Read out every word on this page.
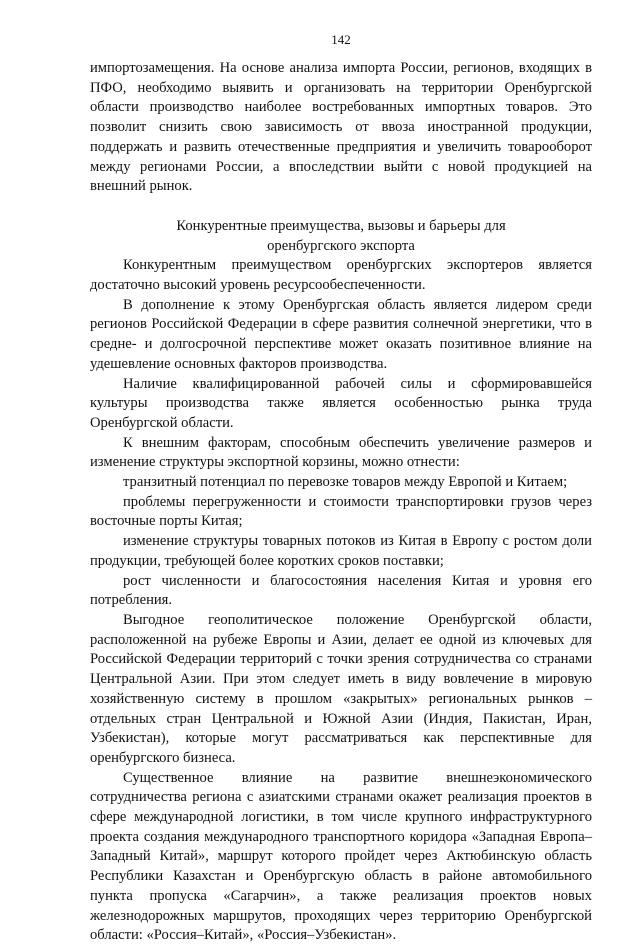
142

импортозамещения. На основе анализа импорта России, регионов, входящих в ПФО, необходимо выявить и организовать на территории Оренбургской области производство наиболее востребованных импортных товаров. Это позволит снизить свою зависимость от ввоза иностранной продукции, поддержать и развить отечественные предприятия и увеличить товарооборот между регионами России, а впоследствии выйти с новой продукцией на внешний рынок.

Конкурентные преимущества, вызовы и барьеры для
оренбургского экспорта

Конкурентным преимуществом оренбургских экспортеров является достаточно высокий уровень ресурсообеспеченности.

В дополнение к этому Оренбургская область является лидером среди регионов Российской Федерации в сфере развития солнечной энергетики, что в средне- и долгосрочной перспективе может оказать позитивное влияние на удешевление основных факторов производства.

Наличие квалифицированной рабочей силы и сформировавшейся культуры производства также является особенностью рынка труда Оренбургской области.

К внешним факторам, способным обеспечить увеличение размеров и изменение структуры экспортной корзины, можно отнести:

транзитный потенциал по перевозке товаров между Европой и Китаем;

проблемы перегруженности и стоимости транспортировки грузов через восточные порты Китая;

изменение структуры товарных потоков из Китая в Европу с ростом доли продукции, требующей более коротких сроков поставки;

рост численности и благосостояния населения Китая и уровня его потребления.

Выгодное геополитическое положение Оренбургской области, расположенной на рубеже Европы и Азии, делает ее одной из ключевых для Российской Федерации территорий с точки зрения сотрудничества со странами Центральной Азии. При этом следует иметь в виду вовлечение в мировую хозяйственную систему в прошлом «закрытых» региональных рынков – отдельных стран Центральной и Южной Азии (Индия, Пакистан, Иран, Узбекистан), которые могут рассматриваться как перспективные для оренбургского бизнеса.

Существенное влияние на развитие внешнеэкономического сотрудничества региона с азиатскими странами окажет реализация проектов в сфере международной логистики, в том числе крупного инфраструктурного проекта создания международного транспортного коридора «Западная Европа–Западный Китай», маршрут которого пройдет через Актюбинскую область Республики Казахстан и Оренбургскую область в районе автомобильного пункта пропуска «Сагарчин», а также реализация проектов новых железнодорожных маршрутов, проходящих через территорию Оренбургской области: «Россия–Китай», «Россия–Узбекистан».
